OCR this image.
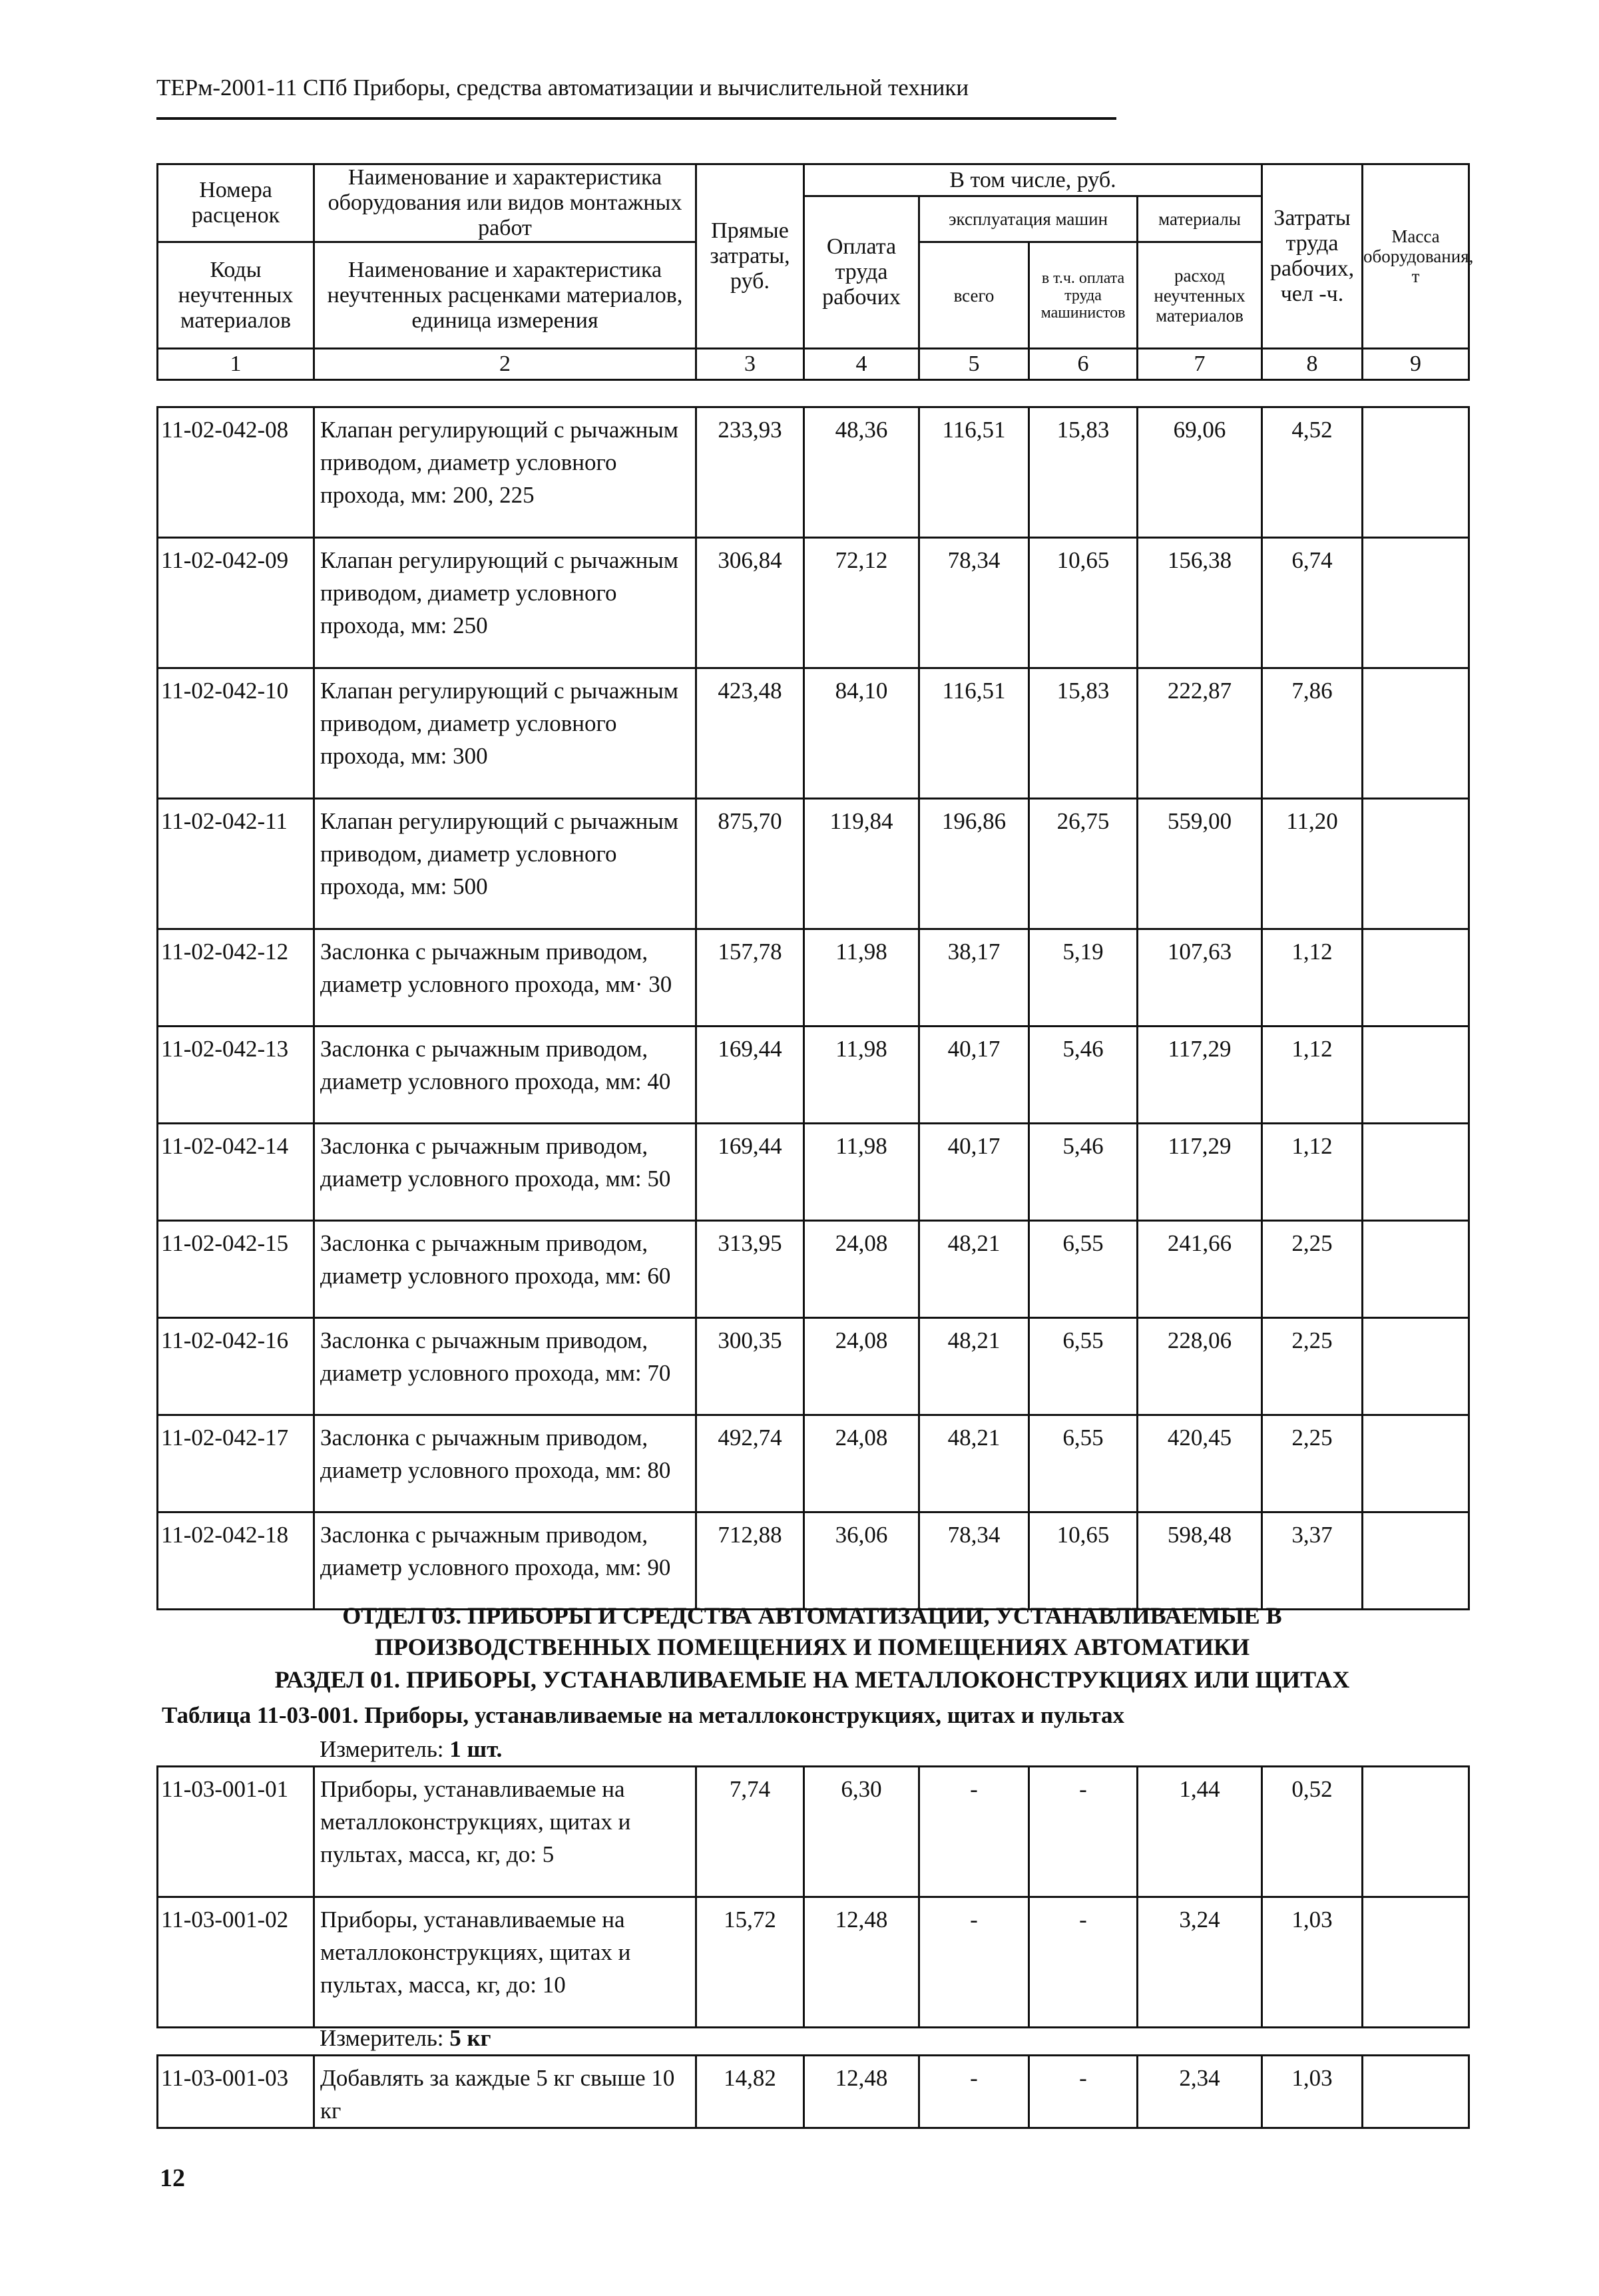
ТЕРм-2001-11 СПб Приборы, средства автоматизации и вычислительной техники
Номера расценок	Наименование и характеристика оборудования или видов монтажных работ	Прямые затраты, руб.	В том числе, руб.				Затраты труда рабочих, чел -ч.	Масса оборудования, т
			Оплата труда рабочих	эксплуатация машин		материалы		
Коды неучтенных материалов	Наименование и характеристика неучтенных расценками материалов, единица измерения			всего	в т.ч. оплата труда машинистов	расход неучтенных материалов		

1	2	3	4	5	6	7	8	9
11-02-042-08	Клапан регулирующий с рычажным приводом, диаметр условного прохода, мм: 200, 225	233,93	48,36	116,51	15,83	69,06	4,52	
11-02-042-09	Клапан регулирующий с рычажным приводом, диаметр условного прохода, мм: 250	306,84	72,12	78,34	10,65	156,38	6,74	
11-02-042-10	Клапан регулирующий с рычажным приводом, диаметр условного прохода, мм: 300	423,48	84,10	116,51	15,83	222,87	7,86	
11-02-042-11	Клапан регулирующий с рычажным приводом, диаметр условного прохода, мм: 500	875,70	119,84	196,86	26,75	559,00	11,20	
11-02-042-12	Заслонка с рычажным приводом, диаметр условного прохода, мм· 30	157,78	11,98	38,17	5,19	107,63	1,12	
11-02-042-13	Заслонка с рычажным приводом, диаметр условного прохода, мм: 40	169,44	11,98	40,17	5,46	117,29	1,12	
11-02-042-14	Заслонка с рычажным приводом, диаметр условного прохода, мм: 50	169,44	11,98	40,17	5,46	117,29	1,12	
11-02-042-15	Заслонка с рычажным приводом, диаметр условного прохода, мм: 60	313,95	24,08	48,21	6,55	241,66	2,25	
11-02-042-16	Заслонка с рычажным приводом, диаметр условного прохода, мм: 70	300,35	24,08	48,21	6,55	228,06	2,25	
11-02-042-17	Заслонка с рычажным приводом, диаметр условного прохода, мм: 80	492,74	24,08	48,21	6,55	420,45	2,25	
11-02-042-18	Заслонка с рычажным приводом, диаметр условного прохода, мм: 90	712,88	36,06	78,34	10,65	598,48	3,37	
ОТДЕЛ 03. ПРИБОРЫ И СРЕДСТВА АВТОМАТИЗАЦИИ, УСТАНАВЛИВАЕМЫЕ В
ПРОИЗВОДСТВЕННЫХ ПОМЕЩЕНИЯХ И ПОМЕЩЕНИЯХ АВТОМАТИКИ
РАЗДЕЛ 01. ПРИБОРЫ, УСТАНАВЛИВАЕМЫЕ НА МЕТАЛЛОКОНСТРУКЦИЯХ ИЛИ ЩИТАХ
Таблица 11-03-001. Приборы, устанавливаемые на металлоконструкциях, щитах и пультах
Измеритель: 1 шт.
11-03-001-01	Приборы, устанавливаемые на металлоконструкциях, щитах и пультах, масса, кг, до: 5	7,74	6,30	-	-	1,44	0,52	
11-03-001-02	Приборы, устанавливаемые на металлоконструкциях, щитах и пультах, масса, кг, до: 10	15,72	12,48	-	-	3,24	1,03	
Измеритель: 5 кг
11-03-001-03	Добавлять за каждые 5 кг свыше 10 кг	14,82	12,48	-	-	2,34	1,03	
12
